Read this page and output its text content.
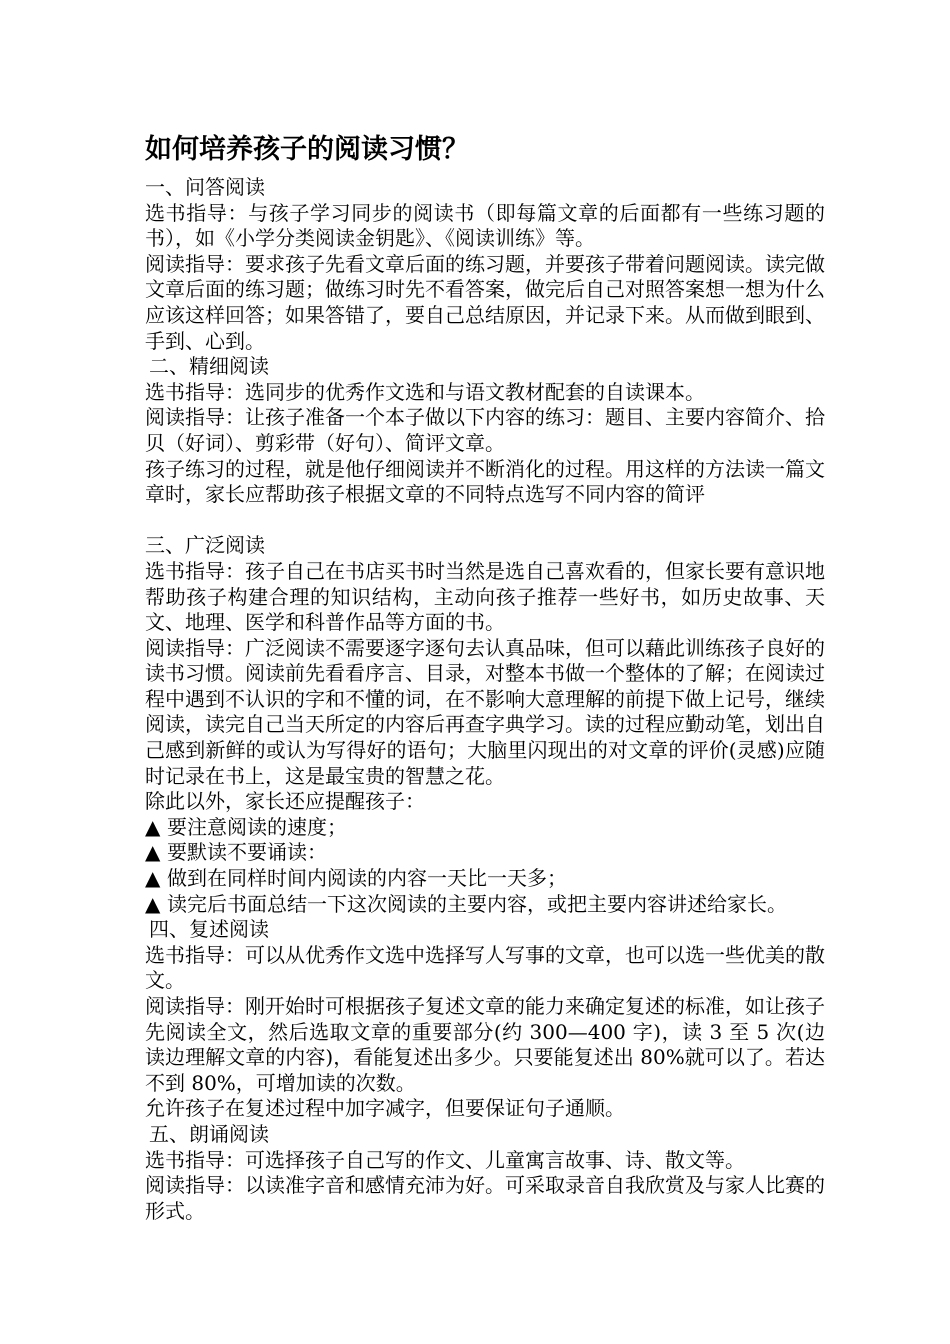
如何培养孩子的阅读习惯？

一、问答阅读

选书指导：与孩子学习同步的阅读书（即每篇文章的后面都有一些练习题的书），如《小学分类阅读金钥匙》、《阅读训练》等。

阅读指导：要求孩子先看文章后面的练习题，并要孩子带着问题阅读。读完做文章后面的练习题；做练习时先不看答案，做完后自己对照答案想一想为什么应该这样回答；如果答错了，要自己总结原因，并记录下来。从而做到眼到、手到、心到。

二、精细阅读

选书指导：选同步的优秀作文选和与语文教材配套的自读课本。

阅读指导：让孩子准备一个本子做以下内容的练习：题目、主要内容简介、拾贝（好词）、剪彩带（好句）、简评文章。

孩子练习的过程，就是他仔细阅读并不断消化的过程。用这样的方法读一篇文章时，家长应帮助孩子根据文章的不同特点选写不同内容的简评

三、广泛阅读

选书指导：孩子自己在书店买书时当然是选自己喜欢看的，但家长要有意识地帮助孩子构建合理的知识结构，主动向孩子推荐一些好书，如历史故事、天文、地理、医学和科普作品等方面的书。

阅读指导：广泛阅读不需要逐字逐句去认真品味，但可以藉此训练孩子良好的读书习惯。阅读前先看看序言、目录，对整本书做一个整体的了解；在阅读过程中遇到不认识的字和不懂的词，在不影响大意理解的前提下做上记号，继续阅读，读完自己当天所定的内容后再查字典学习。读的过程应勤动笔，划出自己感到新鲜的或认为写得好的语句；大脑里闪现出的对文章的评价(灵感)应随时记录在书上，这是最宝贵的智慧之花。

除此以外，家长还应提醒孩子：

▲ 要注意阅读的速度；

▲ 要默读不要诵读：

▲ 做到在同样时间内阅读的内容一天比一天多；

▲ 读完后书面总结一下这次阅读的主要内容，或把主要内容讲述给家长。

四、复述阅读

选书指导：可以从优秀作文选中选择写人写事的文章，也可以选一些优美的散文。

阅读指导：刚开始时可根据孩子复述文章的能力来确定复述的标准，如让孩子先阅读全文，然后选取文章的重要部分(约 300—400 字)，读 3 至 5 次(边读边理解文章的内容)，看能复述出多少。只要能复述出 80%就可以了。若达不到 80%，可增加读的次数。

允许孩子在复述过程中加字减字，但要保证句子通顺。

五、朗诵阅读

选书指导：可选择孩子自己写的作文、儿童寓言故事、诗、散文等。

阅读指导：以读准字音和感情充沛为好。可采取录音自我欣赏及与家人比赛的形式。
